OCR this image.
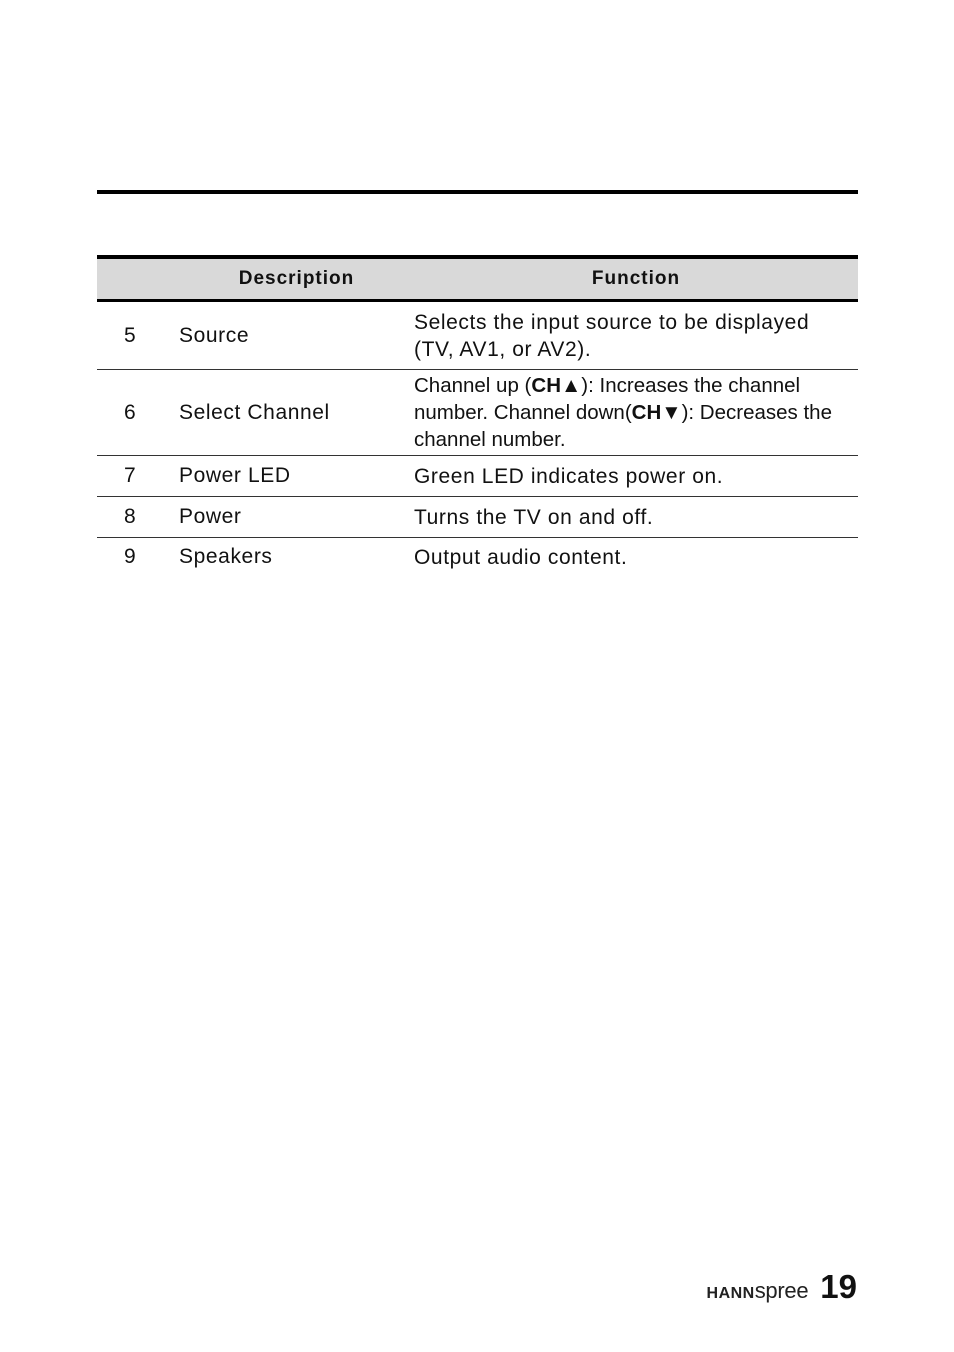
	Description	Function
5	Source	Selects the input source to be displayed (TV, AV1, or AV2).
6	Select Channel	Channel up (CH▲): Increases the channel number. Channel down(CH▼): Decreases the channel number.
7	Power LED	Green LED indicates power on.
8	Power	Turns the TV on and off.
9	Speakers	Output audio content.
HANN spree 19
